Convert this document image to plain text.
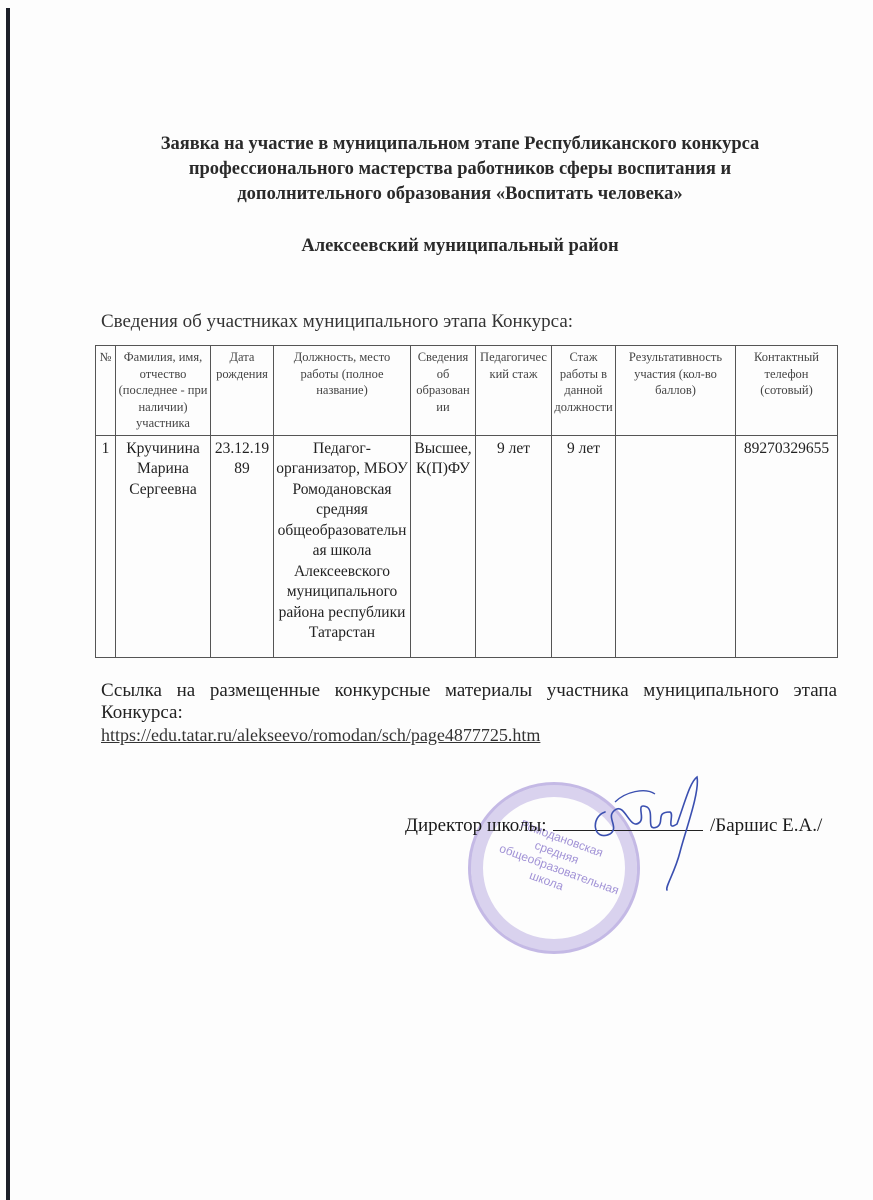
Заявка на участие в муниципальном этапе Республиканского конкурса
профессионального мастерства работников сферы воспитания и
дополнительного образования «Воспитать человека»
Алексеевский муниципальный район
Сведения об участниках муниципального этапа Конкурса:
№	Фамилия, имя, отчество (последнее - при наличии) участника	Дата рождения	Должность, место работы (полное название)	Сведения об образовании	Педагогический стаж	Стаж работы в данной должности	Результативность участия (кол-во баллов)	Контактный телефон (сотовый)
1	Кручинина Марина Сергеевна	23.12.1989	Педагог-организатор, МБОУ Ромодановская средняя общеобразовательная школа Алексеевского муниципального района республики Татарстан	Высшее, К(П)ФУ	9 лет	9 лет		89270329655
Ссылка на размещенные конкурсные материалы участника муниципального этапа Конкурса:
https://edu.tatar.ru/alekseevo/romodan/sch/page4877725.htm
Ромодановская средняя общеобразовательная школа
Директор школы:	/Баршис Е.А./
